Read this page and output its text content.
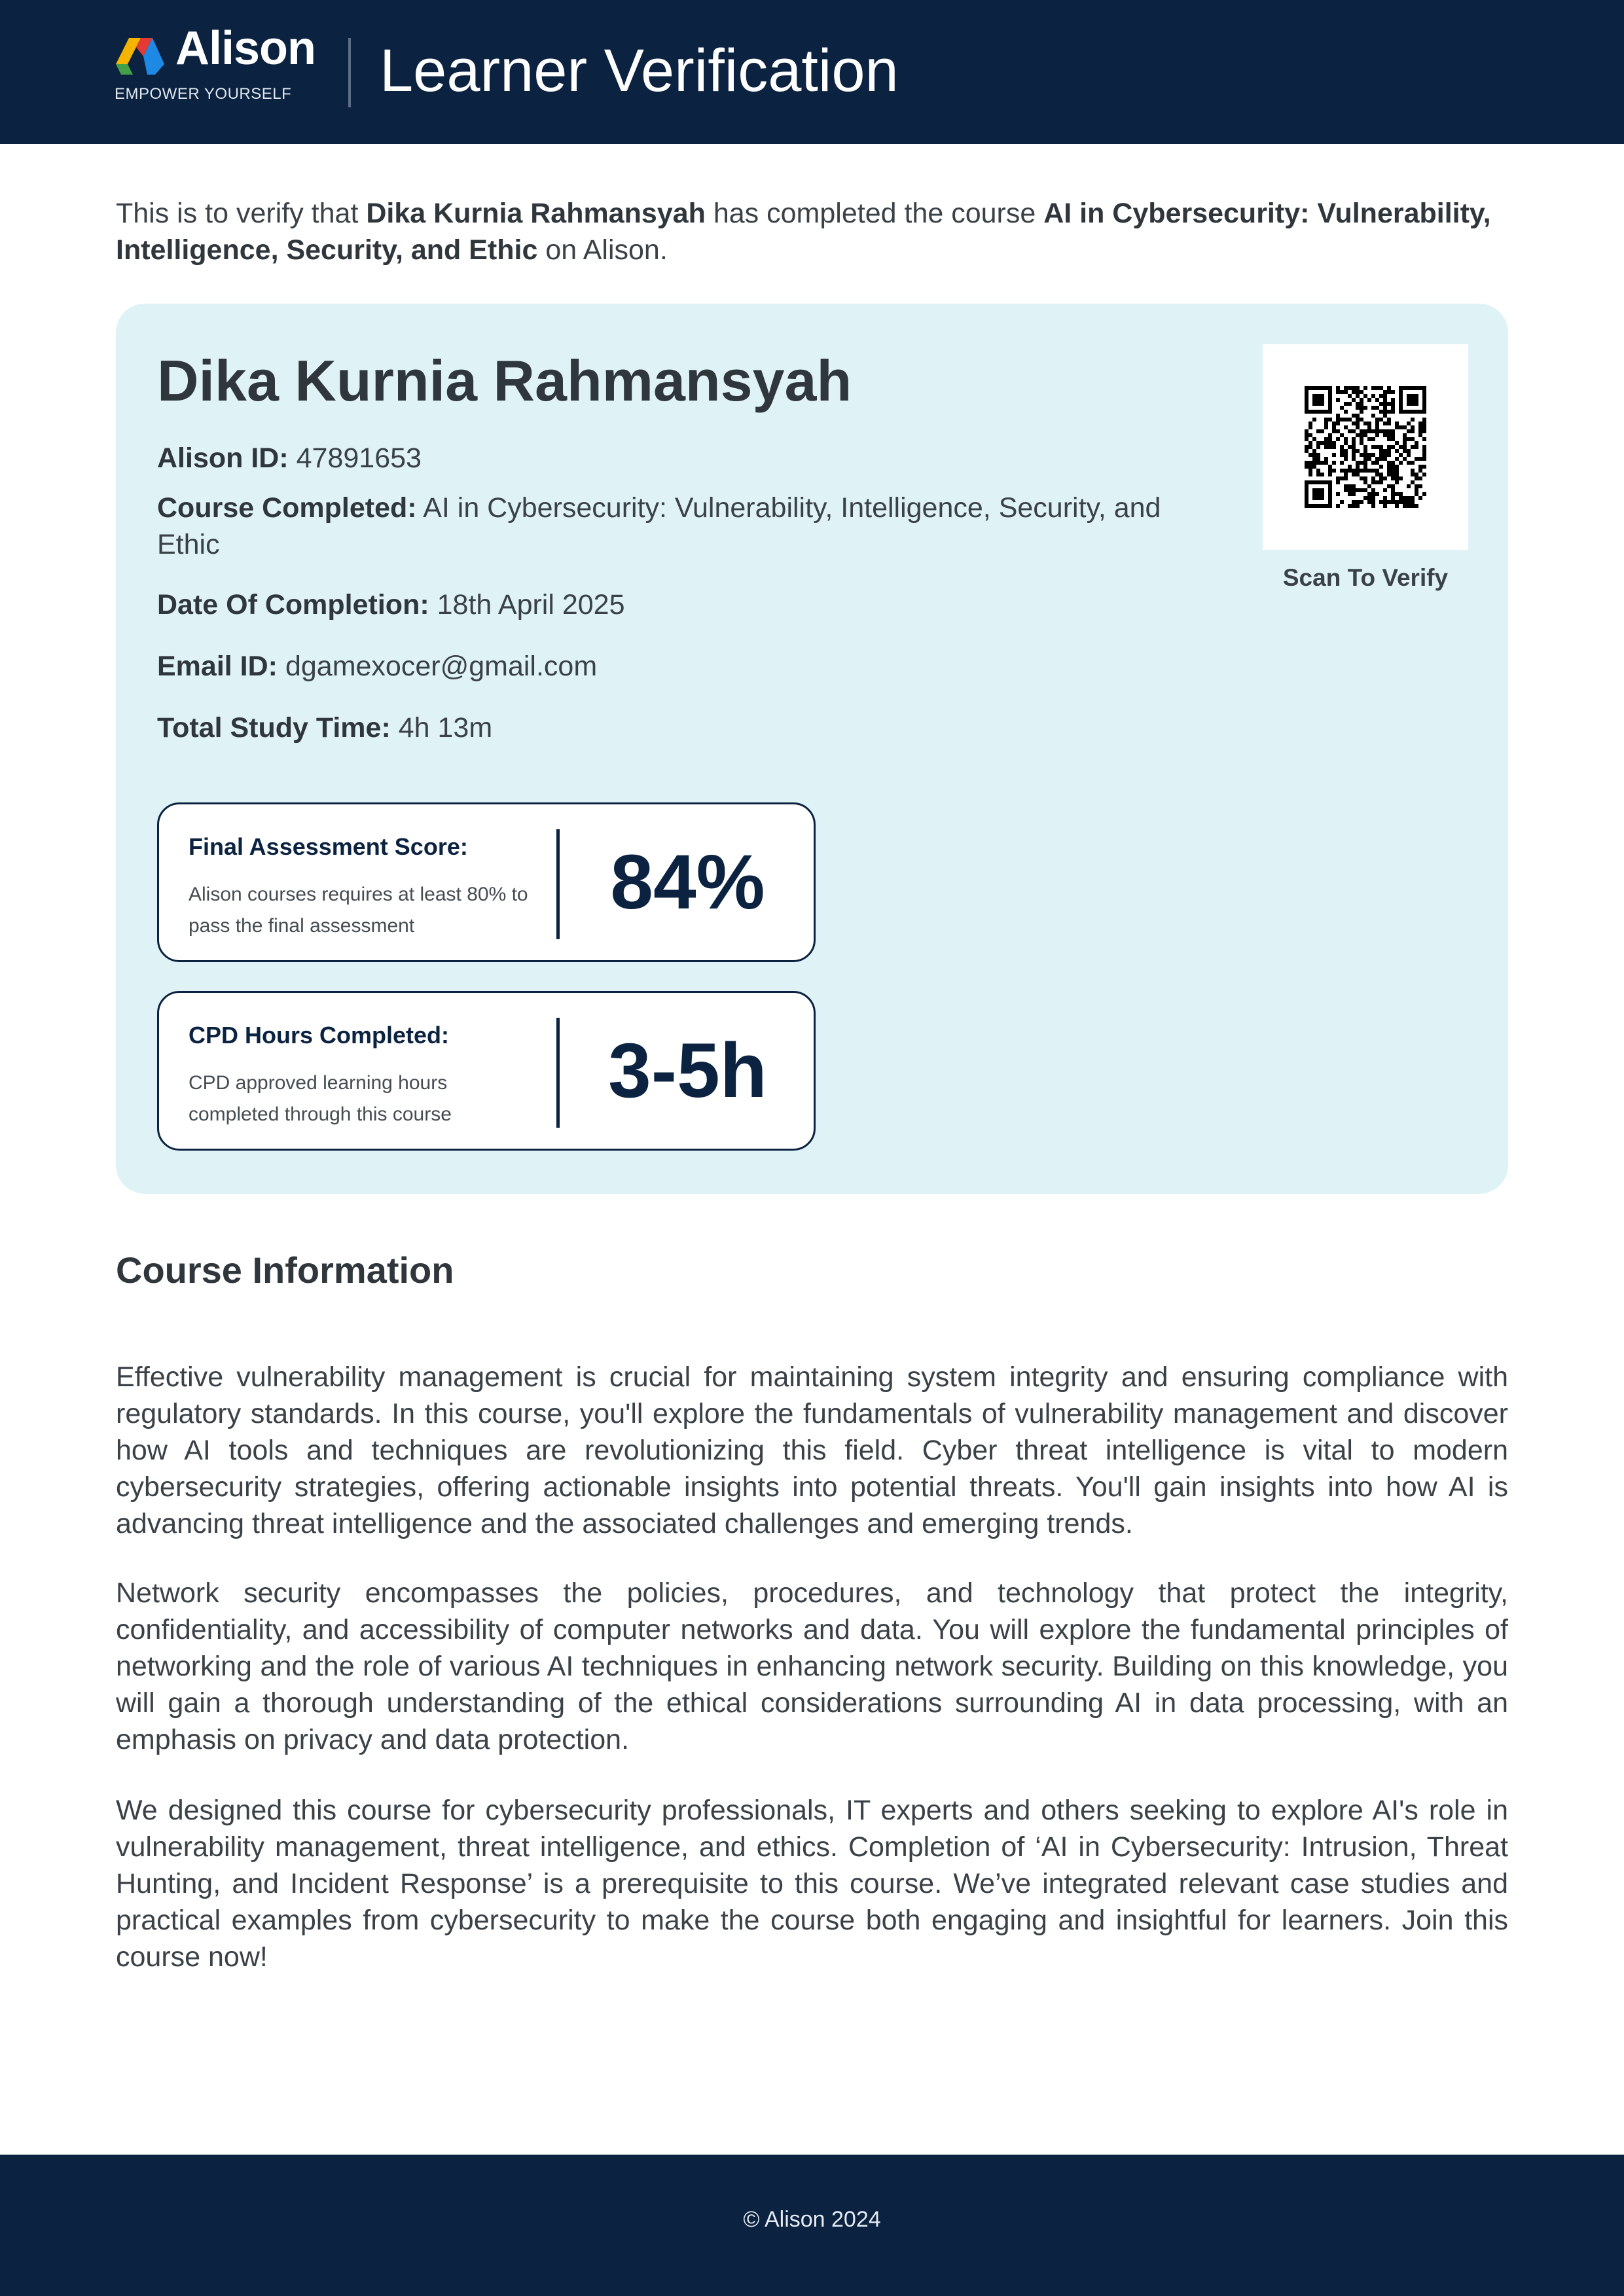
Alison
EMPOWER YOURSELF Learner Verification
This is to verify that Dika Kurnia Rahmansyah has completed the course AI in Cybersecurity: Vulnerability, Intelligence, Security, and Ethic on Alison.
Dika Kurnia Rahmansyah
Alison ID: 47891653
Course Completed: AI in Cybersecurity: Vulnerability, Intelligence, Security, and Ethic
Date Of Completion: 18th April 2025
Email ID: dgamexocer@gmail.com
Total Study Time: 4h 13m
Scan To Verify
Final Assessment Score:
Alison courses requires at least 80% to pass the final assessment
84%
CPD Hours Completed:
CPD approved learning hours completed through this course
3-5h
Course Information

Effective vulnerability management is crucial for maintaining system integrity and ensuring compliance with regulatory standards. In this course, you'll explore the fundamentals of vulnerability management and discover how AI tools and techniques are revolutionizing this field. Cyber threat intelligence is vital to modern cybersecurity strategies, offering actionable insights into potential threats. You'll gain insights into how AI is advancing threat intelligence and the associated challenges and emerging trends.

Network security encompasses the policies, procedures, and technology that protect the integrity, confidentiality, and accessibility of computer networks and data. You will explore the fundamental principles of networking and the role of various AI techniques in enhancing network security. Building on this knowledge, you will gain a thorough understanding of the ethical considerations surrounding AI in data processing, with an emphasis on privacy and data protection.

We designed this course for cybersecurity professionals, IT experts and others seeking to explore AI's role in vulnerability management, threat intelligence, and ethics. Completion of ‘AI in Cybersecurity: Intrusion, Threat Hunting, and Incident Response’ is a prerequisite to this course. We’ve integrated relevant case studies and practical examples from cybersecurity to make the course both engaging and insightful for learners. Join this course now!

© Alison 2024
